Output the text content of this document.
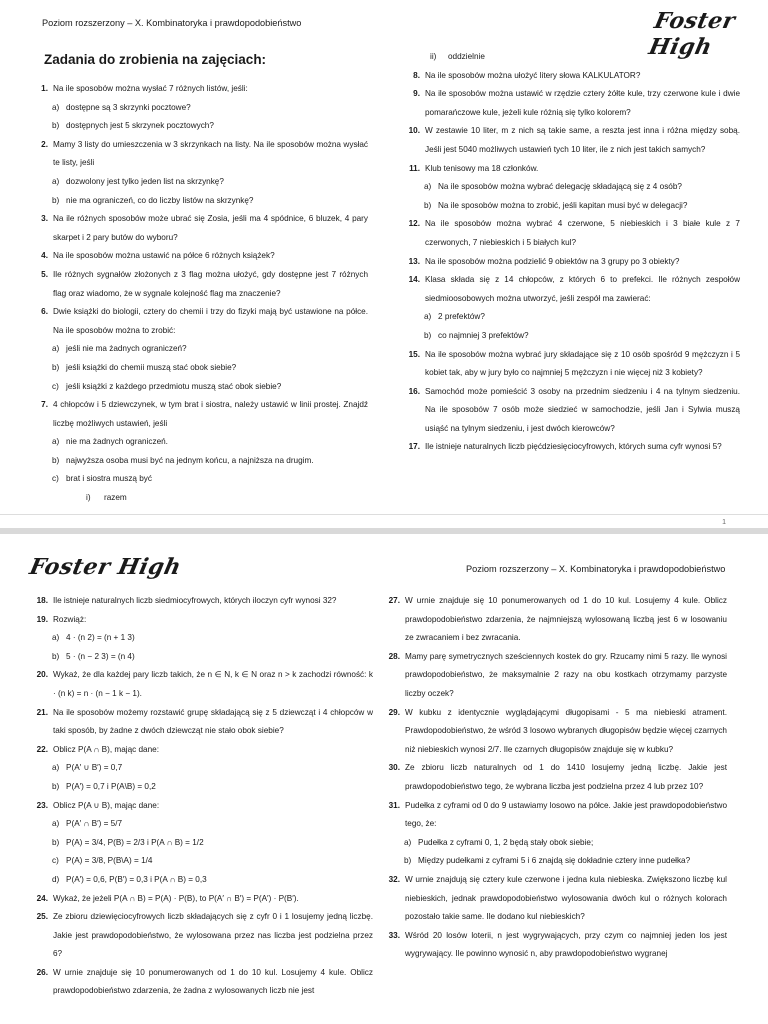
Poziom rozszerzony – X. Kombinatoryka i prawdopodobieństwo	Foster High
Zadania do zrobienia na zajęciach:
1. Na ile sposobów można wysłać 7 różnych listów, jeśli:
a) dostępne są 3 skrzynki pocztowe?
b) dostępnych jest 5 skrzynek pocztowych?
2. Mamy 3 listy do umieszczenia w 3 skrzynkach na listy. Na ile sposobów można wysłać te listy, jeśli
a) dozwolony jest tylko jeden list na skrzynkę?
b) nie ma ograniczeń, co do liczby listów na skrzynkę?
3. Na ile różnych sposobów może ubrać się Zosia, jeśli ma 4 spódnice, 6 bluzek, 4 pary skarpet i 2 pary butów do wyboru?
4. Na ile sposobów można ustawić na półce 6 różnych książek?
5. Ile różnych sygnałów złożonych z 3 flag można ułożyć, gdy dostępne jest 7 różnych flag oraz wiadomo, że w sygnale kolejność flag ma znaczenie?
6. Dwie książki do biologii, cztery do chemii i trzy do fizyki mają być ustawione na półce. Na ile sposobów można to zrobić:
a) jeśli nie ma żadnych ograniczeń?
b) jeśli książki do chemii muszą stać obok siebie?
c) jeśli książki z każdego przedmiotu muszą stać obok siebie?
7. 4 chłopców i 5 dziewczynek, w tym brat i siostra, należy ustawić w linii prostej. Znajdź liczbę możliwych ustawień, jeśli
a) nie ma żadnych ograniczeń.
b) najwyższa osoba musi być na jednym końcu, a najniższa na drugim.
c) brat i siostra muszą być
i)	razem
ii)	oddzielnie
8. Na ile sposobów można ułożyć litery słowa KALKULATOR?
9. Na ile sposobów można ustawić w rzędzie cztery żółte kule, trzy czerwone kule i dwie pomarańczowe kule, jeżeli kule różnią się tylko kolorem?
10. W zestawie 10 liter, m z nich są takie same, a reszta jest inna i różna między sobą. Jeśli jest 5040 możliwych ustawień tych 10 liter, ile z nich jest takich samych?
11. Klub tenisowy ma 18 członków.
a) Na ile sposobów można wybrać delegację składającą się z 4 osób?
b) Na ile sposobów można to zrobić, jeśli kapitan musi być w delegacji?
12. Na ile sposobów można wybrać 4 czerwone, 5 niebieskich i 3 białe kule z 7 czerwonych, 7 niebieskich i 5 białych kul?
13. Na ile sposobów można podzielić 9 obiektów na 3 grupy po 3 obiekty?
14. Klasa składa się z 14 chłopców, z których 6 to prefekci. Ile różnych zespołów siedmioosobowych można utworzyć, jeśli zespół ma zawierać:
a) 2 prefektów?
b) co najmniej 3 prefektów?
15. Na ile sposobów można wybrać jury składające się z 10 osób spośród 9 mężczyzn i 5 kobiet tak, aby w jury było co najmniej 5 mężczyzn i nie więcej niż 3 kobiety?
16. Samochód może pomieścić 3 osoby na przednim siedzeniu i 4 na tylnym siedzeniu. Na ile sposobów 7 osób może siedzieć w samochodzie, jeśli Jan i Sylwia muszą usiąść na tylnym siedzeniu, i jest dwóch kierowców?
17. Ile istnieje naturalnych liczb pięćdziesięciocyfrowych, których suma cyfr wynosi 5?
1
Foster High	Poziom rozszerzony – X. Kombinatoryka i prawdopodobieństwo
18. Ile istnieje naturalnych liczb siedmiocyfrowych, których iloczyn cyfr wynosi 32?
19. Rozwiąż:
a) 4 · (n 2) = (n + 1 3)
b) 5 · (n − 2 3) = (n 4)
20. Wykaż, że dla każdej pary liczb takich, że n ∈ N, k ∈ N oraz n > k zachodzi równość: k · (n k) = n · (n − 1 k − 1).
21. Na ile sposobów możemy rozstawić grupę składającą się z 5 dziewcząt i 4 chłopców w taki sposób, by żadne z dwóch dziewcząt nie stało obok siebie?
22. Oblicz P(A ∩ B), mając dane:
a) P(A′ ∪ B′) = 0,7
b) P(A′) = 0,7 i P(A\B) = 0,2
23. Oblicz P(A ∪ B), mając dane:
a) P(A′ ∩ B′) = 5/7
b) P(A) = 3/4, P(B) = 2/3 i P(A ∩ B) = 1/2
c) P(A) = 3/8, P(B\A) = 1/4
d) P(A′) = 0,6, P(B′) = 0,3 i P(A ∩ B) = 0,3
24. Wykaż, że jeżeli P(A ∩ B) = P(A) · P(B), to P(A′ ∩ B′) = P(A′) · P(B′).
25. Ze zbioru dziewięciocyfrowych liczb składających się z cyfr 0 i 1 losujemy jedną liczbę. Jakie jest prawdopodobieństwo, że wylosowana przez nas liczba jest podzielna przez 6?
26. W urnie znajduje się 10 ponumerowanych od 1 do 10 kul. Losujemy 4 kule. Oblicz prawdopodobieństwo zdarzenia, że żadna z wylosowanych liczb nie jest
27. W urnie znajduje się 10 ponumerowanych od 1 do 10 kul. Losujemy 4 kule. Oblicz prawdopodobieństwo zdarzenia, że najmniejszą wylosowaną liczbą jest 6 w losowaniu ze zwracaniem i bez zwracania.
28. Mamy parę symetrycznych sześciennych kostek do gry. Rzucamy nimi 5 razy. Ile wynosi prawdopodobieństwo, że maksymalnie 2 razy na obu kostkach otrzymamy parzyste liczby oczek?
29. W kubku z identycznie wyglądającymi długopisami - 5 ma niebieski atrament. Prawdopodobieństwo, że wśród 3 losowo wybranych długopisów będzie więcej czarnych niż niebieskich wynosi 2/7. Ile czarnych długopisów znajduje się w kubku?
30. Ze zbioru liczb naturalnych od 1 do 1410 losujemy jedną liczbę. Jakie jest prawdopodobieństwo tego, że wybrana liczba jest podzielna przez 4 lub przez 10?
31. Pudełka z cyframi od 0 do 9 ustawiamy losowo na półce. Jakie jest prawdopodobieństwo tego, że:
a) Pudełka z cyframi 0, 1, 2 będą stały obok siebie;
b) Między pudełkami z cyframi 5 i 6 znajdą się dokładnie cztery inne pudełka?
32. W urnie znajdują się cztery kule czerwone i jedna kula niebieska. Zwiększono liczbę kul niebieskich, jednak prawdopodobieństwo wylosowania dwóch kul o różnych kolorach pozostało takie same. Ile dodano kul niebieskich?
33. Wśród 20 losów loterii, n jest wygrywających, przy czym co najmniej jeden los jest wygrywający. Ile powinno wynosić n, aby prawdopodobieństwo wygranej
